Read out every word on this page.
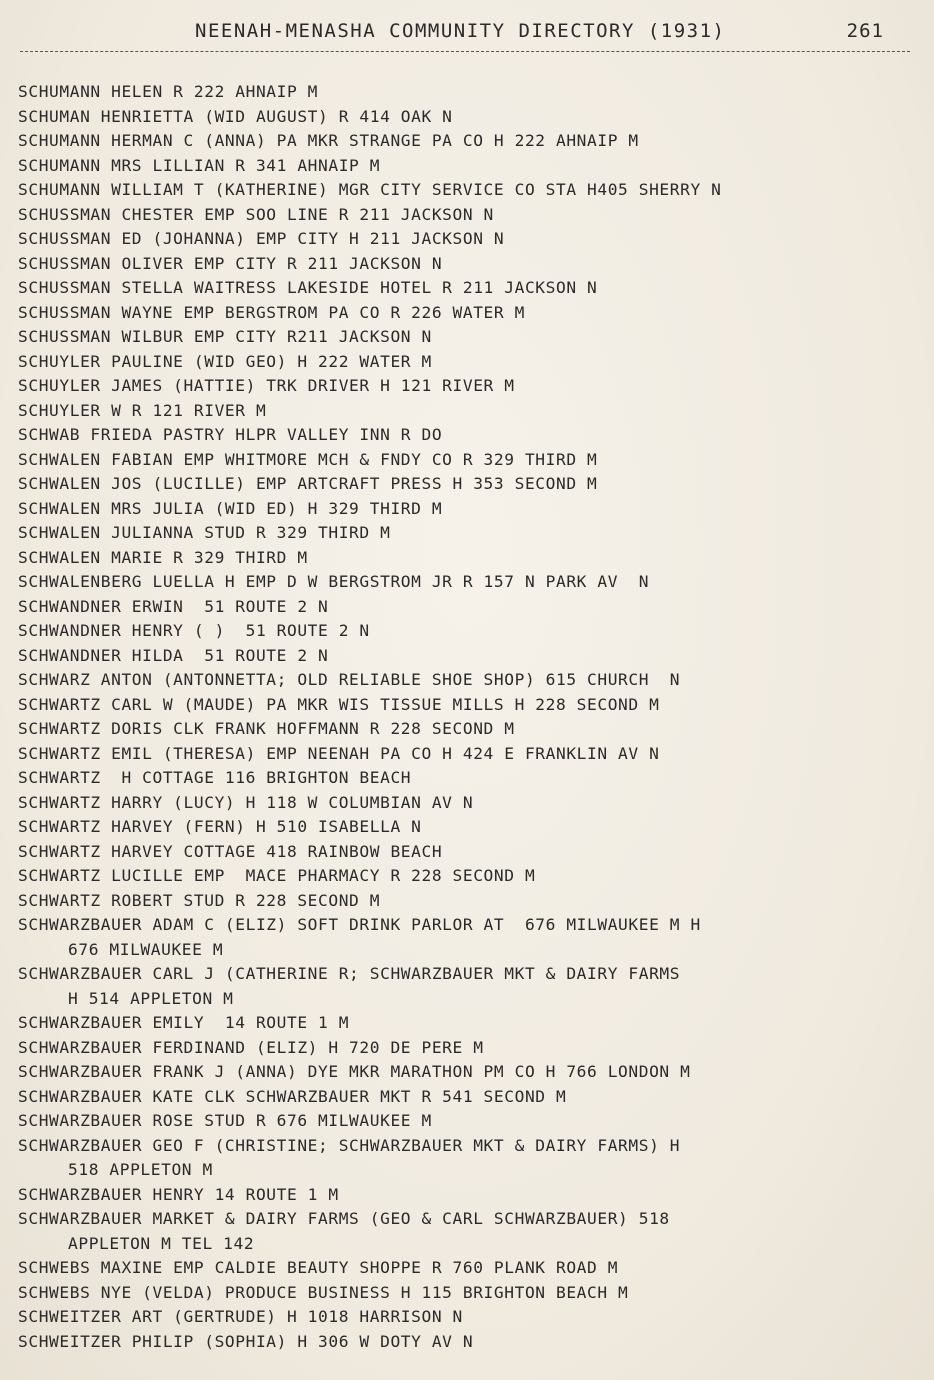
NEENAH-MENASHA COMMUNITY DIRECTORY (1931)	261
SCHUMANN HELEN R 222 AHNAIP M
SCHUMAN HENRIETTA (WID AUGUST) R 414 OAK N
SCHUMANN HERMAN C (ANNA) PA MKR STRANGE PA CO H 222 AHNAIP M
SCHUMANN MRS LILLIAN R 341 AHNAIP M
SCHUMANN WILLIAM T (KATHERINE) MGR CITY SERVICE CO STA H405 SHERRY N
SCHUSSMAN CHESTER EMP SOO LINE R 211 JACKSON N
SCHUSSMAN ED (JOHANNA) EMP CITY H 211 JACKSON N
SCHUSSMAN OLIVER EMP CITY R 211 JACKSON N
SCHUSSMAN STELLA WAITRESS LAKESIDE HOTEL R 211 JACKSON N
SCHUSSMAN WAYNE EMP BERGSTROM PA CO R 226 WATER M
SCHUSSMAN WILBUR EMP CITY R211 JACKSON N
SCHUYLER PAULINE (WID GEO) H 222 WATER M
SCHUYLER JAMES (HATTIE) TRK DRIVER H 121 RIVER M
SCHUYLER W R 121 RIVER M
SCHWAB FRIEDA PASTRY HLPR VALLEY INN R DO
SCHWALEN FABIAN EMP WHITMORE MCH & FNDY CO R 329 THIRD M
SCHWALEN JOS (LUCILLE) EMP ARTCRAFT PRESS H 353 SECOND M
SCHWALEN MRS JULIA (WID ED) H 329 THIRD M
SCHWALEN JULIANNA STUD R 329 THIRD M
SCHWALEN MARIE R 329 THIRD M
SCHWALENBERG LUELLA H EMP D W BERGSTROM JR R 157 N PARK AV  N
SCHWANDNER ERWIN  51 ROUTE 2 N
SCHWANDNER HENRY ( )  51 ROUTE 2 N
SCHWANDNER HILDA  51 ROUTE 2 N
SCHWARZ ANTON (ANTONNETTA; OLD RELIABLE SHOE SHOP) 615 CHURCH  N
SCHWARTZ CARL W (MAUDE) PA MKR WIS TISSUE MILLS H 228 SECOND M
SCHWARTZ DORIS CLK FRANK HOFFMANN R 228 SECOND M
SCHWARTZ EMIL (THERESA) EMP NEENAH PA CO H 424 E FRANKLIN AV N
SCHWARTZ  H COTTAGE 116 BRIGHTON BEACH
SCHWARTZ HARRY (LUCY) H 118 W COLUMBIAN AV N
SCHWARTZ HARVEY (FERN) H 510 ISABELLA N
SCHWARTZ HARVEY COTTAGE 418 RAINBOW BEACH
SCHWARTZ LUCILLE EMP  MACE PHARMACY R 228 SECOND M
SCHWARTZ ROBERT STUD R 228 SECOND M
SCHWARZBAUER ADAM C (ELIZ) SOFT DRINK PARLOR AT  676 MILWAUKEE M H
676 MILWAUKEE M
SCHWARZBAUER CARL J (CATHERINE R; SCHWARZBAUER MKT & DAIRY FARMS
H 514 APPLETON M
SCHWARZBAUER EMILY  14 ROUTE 1 M
SCHWARZBAUER FERDINAND (ELIZ) H 720 DE PERE M
SCHWARZBAUER FRANK J (ANNA) DYE MKR MARATHON PM CO H 766 LONDON M
SCHWARZBAUER KATE CLK SCHWARZBAUER MKT R 541 SECOND M
SCHWARZBAUER ROSE STUD R 676 MILWAUKEE M
SCHWARZBAUER GEO F (CHRISTINE; SCHWARZBAUER MKT & DAIRY FARMS) H
518 APPLETON M
SCHWARZBAUER HENRY 14 ROUTE 1 M
SCHWARZBAUER MARKET & DAIRY FARMS (GEO & CARL SCHWARZBAUER) 518
APPLETON M TEL 142
SCHWEBS MAXINE EMP CALDIE BEAUTY SHOPPE R 760 PLANK ROAD M
SCHWEBS NYE (VELDA) PRODUCE BUSINESS H 115 BRIGHTON BEACH M
SCHWEITZER ART (GERTRUDE) H 1018 HARRISON N
SCHWEITZER PHILIP (SOPHIA) H 306 W DOTY AV N
